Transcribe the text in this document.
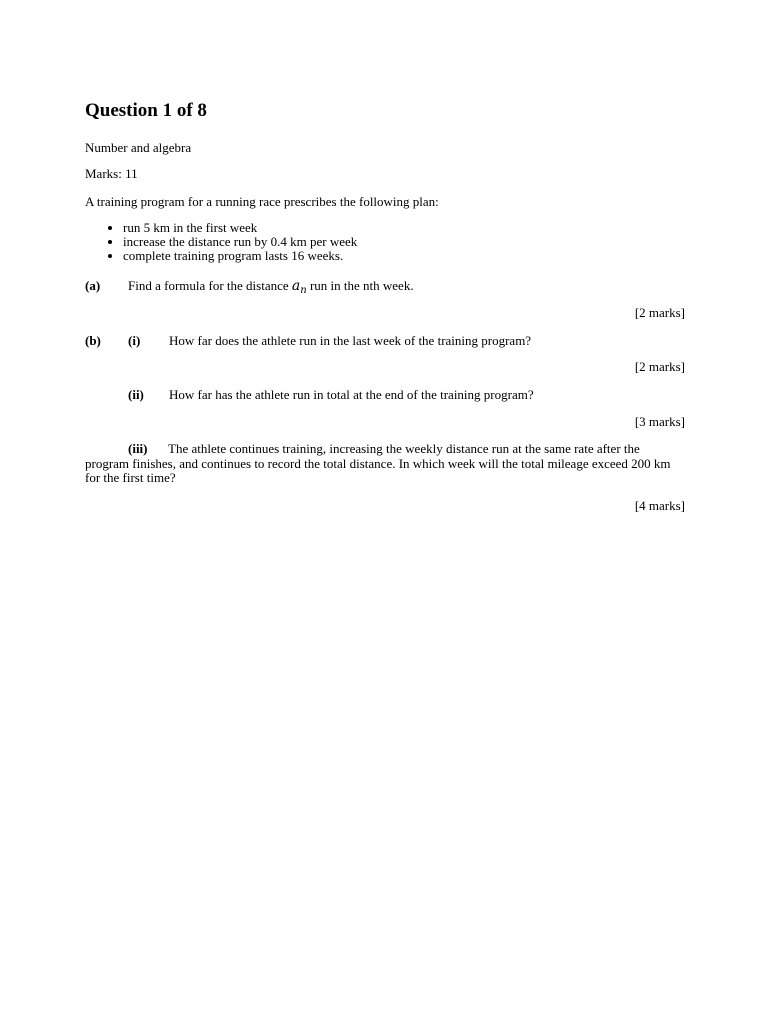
Question 1 of 8
Number and algebra
Marks: 11
A training program for a running race prescribes the following plan:
• run 5 km in the first week
• increase the distance run by 0.4 km per week
• complete training program lasts 16 weeks.
(a) Find a formula for the distance $a_n$ run in the nth week.
[2 marks]
(b) (i) How far does the athlete run in the last week of the training program?
[2 marks]
(ii) How far has the athlete run in total at the end of the training program?
[3 marks]
(iii) The athlete continues training, increasing the weekly distance run at the same rate after the program finishes, and continues to record the total distance. In which week will the total mileage exceed 200 km for the first time?
[4 marks]
